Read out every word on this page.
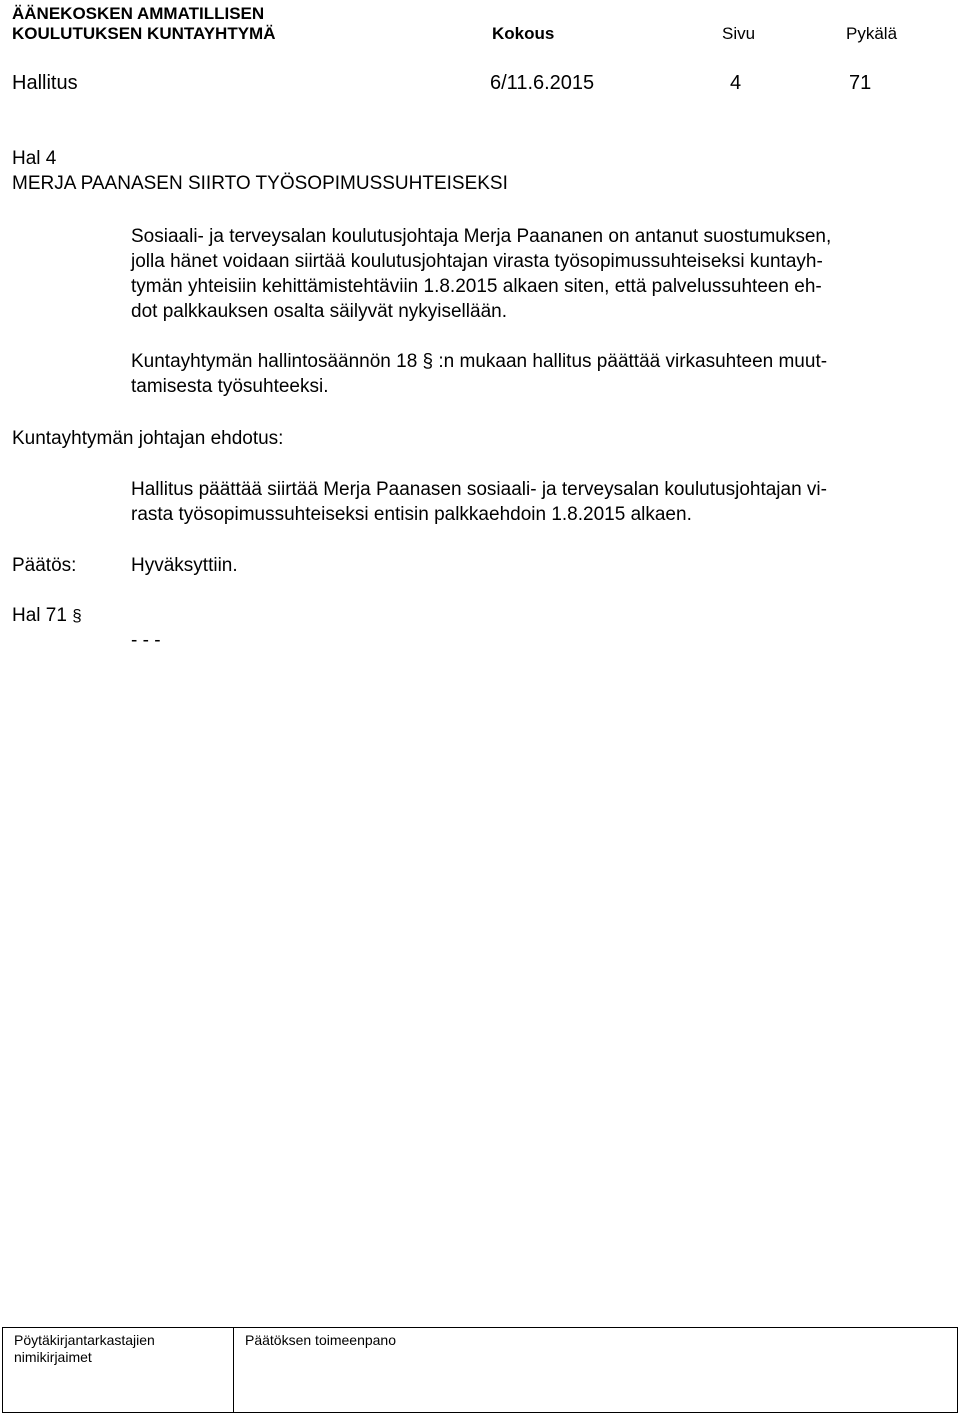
ÄÄNEKOSKEN AMMATILLISEN
KOULUTUKSEN KUNTAYHTYMÄ	Kokous	Sivu	Pykälä
Hallitus	6/11.6.2015	4	71
Hal 4
MERJA PAANASEN SIIRTO TYÖSOPIMUSSUHTEISEKSI
Sosiaali- ja terveysalan koulutusjohtaja Merja Paananen on antanut suostumuksen,
jolla hänet voidaan siirtää koulutusjohtajan virasta työsopimussuhteiseksi kuntayh-
tymän yhteisiin kehittämistehtäviin 1.8.2015 alkaen siten, että palvelussuhteen eh-
dot palkkauksen osalta säilyvät nykyisellään.
Kuntayhtymän hallintosäännön 18 § :n mukaan hallitus päättää virkasuhteen muut-
tamisesta työsuhteeksi.
Kuntayhtymän johtajan ehdotus:
Hallitus päättää siirtää Merja Paanasen sosiaali- ja terveysalan koulutusjohtajan vi-
rasta työsopimussuhteiseksi entisin palkkaehdoin 1.8.2015 alkaen.
Päätös:	Hyväksyttiin.
Hal 71 §
- - -
Pöytäkirjantarkastajien
nimikirjaimet
Päätöksen toimeenpano
